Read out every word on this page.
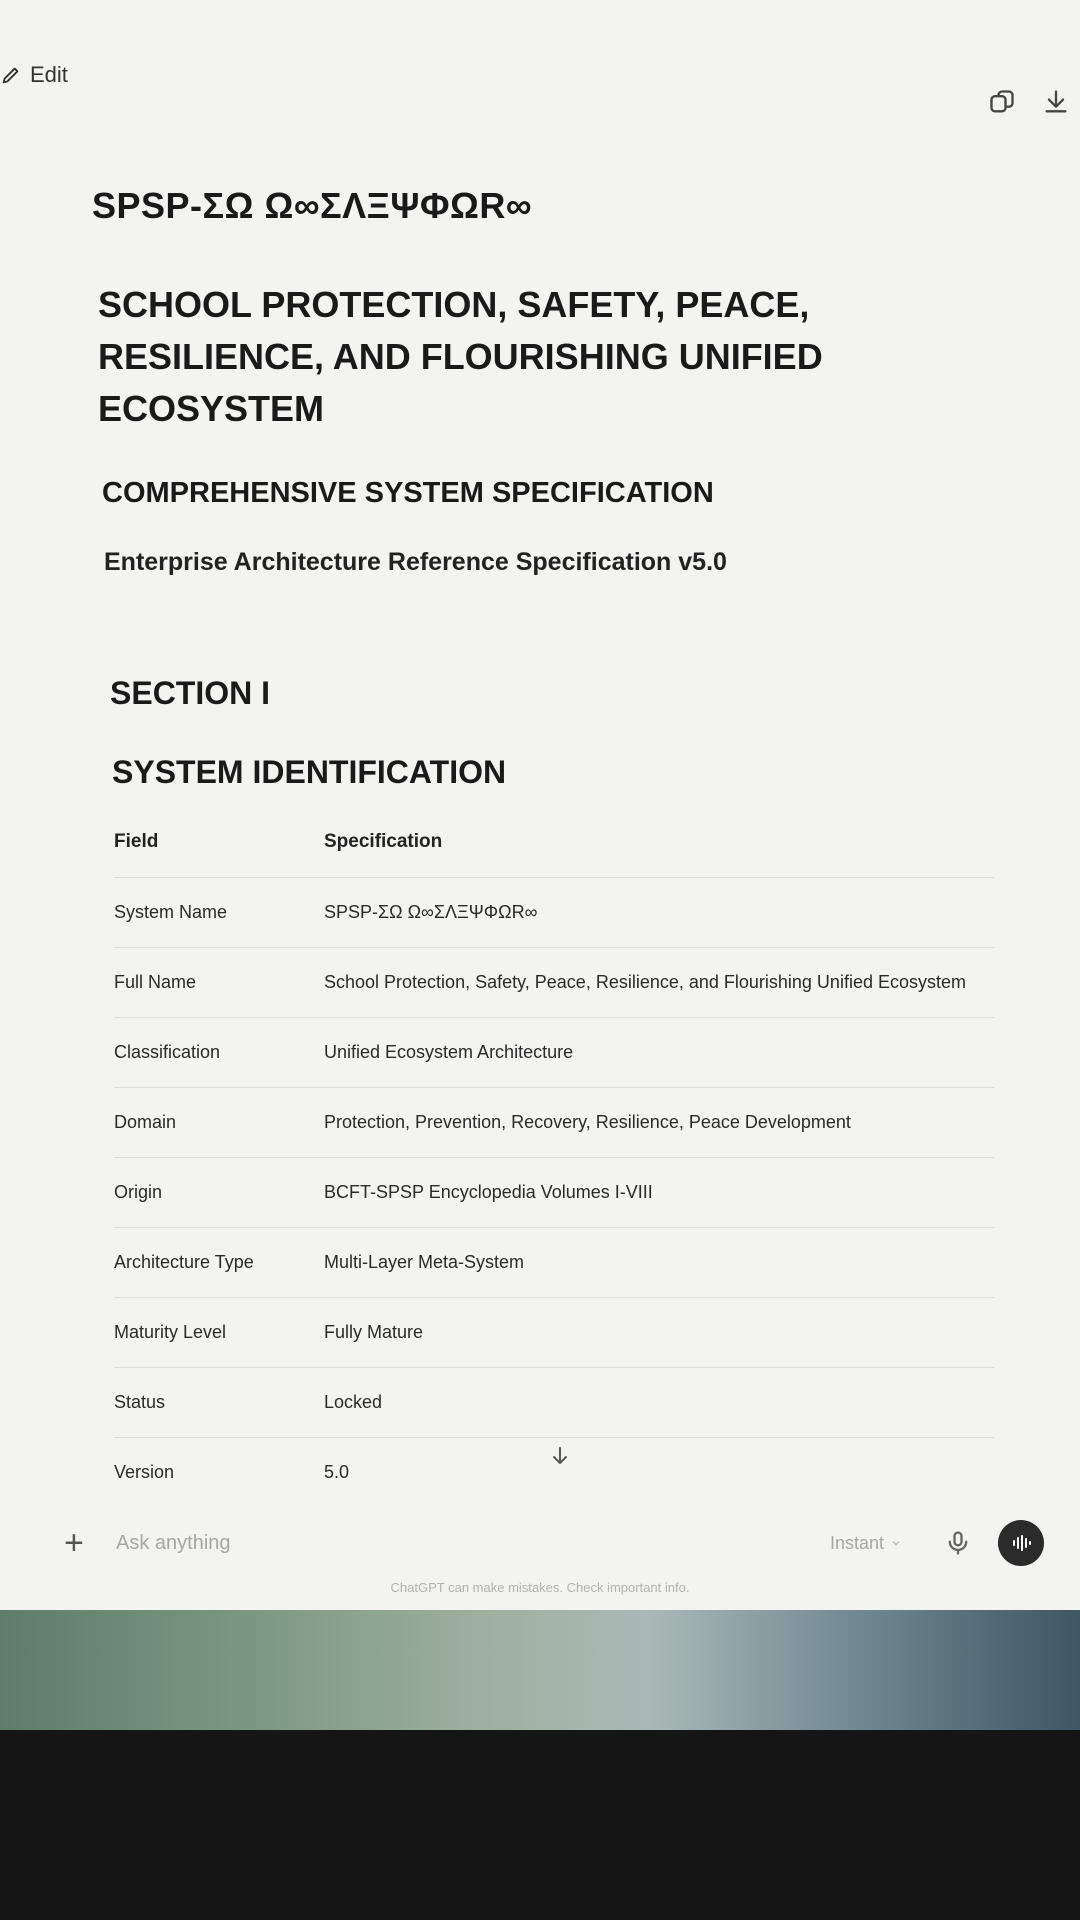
Edit
SPSP-ΣΩ Ω∞ΣΛΞΨΦΩR∞
SCHOOL PROTECTION, SAFETY, PEACE, RESILIENCE, AND FLOURISHING UNIFIED ECOSYSTEM
COMPREHENSIVE SYSTEM SPECIFICATION
Enterprise Architecture Reference Specification v5.0
SECTION I
SYSTEM IDENTIFICATION
Field	Specification
System Name	SPSP-ΣΩ Ω∞ΣΛΞΨΦΩR∞
Full Name	School Protection, Safety, Peace, Resilience, and Flourishing Unified Ecosystem
Classification	Unified Ecosystem Architecture
Domain	Protection, Prevention, Recovery, Resilience, Peace Development
Origin	BCFT-SPSP Encyclopedia Volumes I-VIII
Architecture Type	Multi-Layer Meta-System
Maturity Level	Fully Mature
Status	Locked
Version	5.0
+	Ask anything	Instant
ChatGPT can make mistakes. Check important info.
